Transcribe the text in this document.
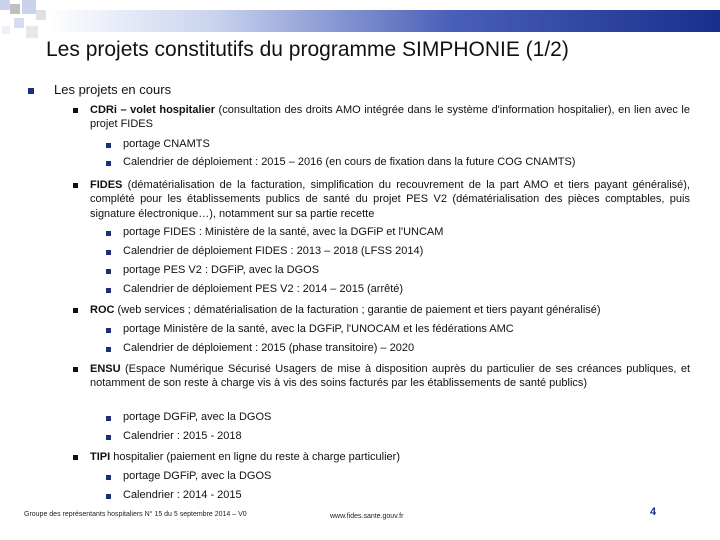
Les projets constitutifs du programme SIMPHONIE (1/2)
Les projets en cours
CDRi – volet hospitalier (consultation des droits AMO intégrée dans le système d'information hospitalier), en lien avec le projet FIDES
portage CNAMTS
Calendrier de déploiement : 2015 – 2016 (en cours de fixation dans la future COG CNAMTS)
FIDES (dématérialisation de la facturation, simplification du recouvrement de la part AMO et tiers payant généralisé), complété pour les établissements publics de santé du projet PES V2 (dématérialisation des pièces comptables, puis signature électronique…), notamment sur sa partie recette
portage FIDES : Ministère de la santé, avec la DGFiP et l'UNCAM
Calendrier de déploiement FIDES : 2013 – 2018 (LFSS 2014)
portage PES V2 : DGFiP, avec la DGOS
Calendrier de déploiement PES V2 : 2014 – 2015 (arrêté)
ROC (web services ; dématérialisation de la facturation ; garantie de paiement et tiers payant généralisé)
portage Ministère de la santé, avec la DGFiP, l'UNOCAM et les fédérations AMC
Calendrier de déploiement : 2015 (phase transitoire) – 2020
ENSU (Espace Numérique Sécurisé Usagers de mise à disposition auprès du particulier de ses créances publiques, et notamment de son reste à charge vis à vis des soins facturés par les établissements de santé publics)
portage DGFiP, avec la DGOS
Calendrier : 2015 - 2018
TIPI hospitalier (paiement en ligne du reste à charge particulier)
portage DGFiP, avec la DGOS
Calendrier : 2014 - 2015
Groupe des représentants hospitaliers N° 15 du 5 septembre 2014 – V0	www.fides.sante.gouv.fr	4
